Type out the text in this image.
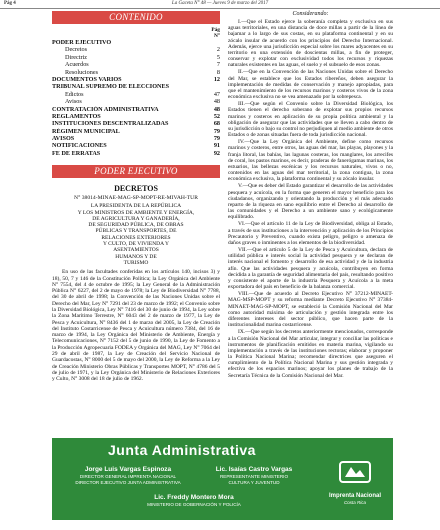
Pág 4	La Gaceta N° 48 — Jueves 9 de marzo del 2017
CONTENIDO
Pág
N°
PODER EJECUTIVO
Decretos	2
Directriz	5
Acuerdos	7
Resoluciones	8
DOCUMENTOS VARIOS	12
TRIBUNAL SUPREMO DE ELECCIONES
Edictos	47
Avisos	48
CONTRATACIÓN ADMINISTRATIVA	48
REGLAMENTOS	52
INSTITUCIONES DESCENTRALIZADAS	68
RÉGIMEN MUNICIPAL	79
AVISOS	79
NOTIFICACIONES	91
FE DE ERRATAS	92
PODER EJECUTIVO
DECRETOS
N° 38014-MINAE-MAG-SP-MOPT-RE-MIVAH-TUR
LA PRESIDENTA DE LA REPÚBLICA
Y LOS MINISTROS DE AMBIENTE Y ENERGÍA,
DE AGRICULTURA Y GANADERÍA,
DE SEGURIDAD PÚBLICA, DE OBRAS
PÚBLICAS Y TRANSPORTES, DE
RELACIONES EXTERIORES
Y CULTO, DE VIVIENDA Y
ASENTAMIENTOS
HUMANOS Y DE
TURISMO

En uso de las facultades conferidas en los artículos 140, incisos 3) y 18), 50, 7 y 146 de la Constitución Política; la Ley Orgánica del Ambiente N° 7554, del 4 de octubre de 1995; la Ley General de la Administración Pública N° 6227, del 2 de mayo de 1978; la Ley de Biodiversidad N° 7788, del 30 de abril de 1998; la Convención de las Naciones Unidas sobre el Derecho del Mar, Ley N° 7291 del 23 de marzo de 1992; el Convenio sobre la Diversidad Biológica, Ley N° 7416 del 30 de junio de 1994, la Ley sobre la Zona Marítimo Terrestre, N° 6043 del 2 de marzo de 1977, la Ley de Pesca y Acuicultura, N° 8436 del 1 de marzo del 2005, la Ley de Creación del Instituto Costarricense de Pesca y Acuicultura número 7384, del 16 de marzo de 1994, la Ley Orgánica del Ministerio de Ambiente, Energía y Telecomunicaciones, N° 7152 del 5 de junio de 1990, la Ley de Fomento a la Producción Agropecuaria FODEA y Orgánica del MAG, Ley N° 7064 del 29 de abril de 1987, la Ley de Creación del Servicio Nacional de Guardacostas, N° 8000 del 5 de mayo del 2000, la Ley de Reforma a la Ley de Creación Ministerio Obras Públicas y Transportes MOPT, N° 4786 del 5 de julio de 1971, y la Ley Orgánica del Ministerio de Relaciones Exteriores y Culto, N° 3008 del 18 de julio de 1962.

Considerando:

I.—Que el Estado ejerce la soberanía completa y exclusiva en sus aguas territoriales, en una distancia de doce millas a partir de la línea de bajamar a lo largo de sus costas, en su plataforma continental y en su zócalo insular de acuerdo con los principios del Derecho Internacional. Además, ejerce una jurisdicción especial sobre los mares adyacentes en su territorio en una extensión de doscientas millas, a fin de proteger, conservar y explotar con exclusividad todos los recursos y riquezas naturales existentes en las aguas, el suelo y el subsuelo de esos zonas.

II.—Que en la Convención de las Naciones Unidas sobre el Derecho del Mar, se establece que los Estados ribereños, deben asegurar la implementación de medidas de conservación y manejo apropiadas, para que el mantenimiento de los recursos marinos y costeros vivos de la zona económica exclusiva no se vea amenazado por la sobrepesca.

III.—Que según el Convenio sobre la Diversidad Biológica, los Estados tienen el derecho soberano de explotar sus propios recursos marinos y costeros en aplicación de su propia política ambiental y la obligación de asegurar que las actividades que se lleven a cabo dentro de su jurisdicción o bajo su control no perjudiquen al medio ambiente de otros Estados o de zonas situadas fuera de toda jurisdicción nacional.

IV.—Que la Ley Orgánica del Ambiente, define como recursos marinos y costeros, entre otros, las aguas del mar, las playas, playones y la franja litoral, las bahías, las lagunas costeras, los manglares, los arrecifes de coral, los pastos marinos, es decir, praderas de fanerógamas marinas, los estuarios, las bellezas escénicas y los recursos naturales, vivos o no, contenidos en las aguas del mar territorial, la zona contigua, la zona económica exclusiva, la plataforma continental y su zócalo insular.

V.—Que es deber del Estado garantizar el desarrollo de las actividades pesquera y acuícola, en la forma que generen el mayor beneficio para los ciudadanos, organizando y orientando la producción y el más adecuado reparto de la riqueza en sano equilibrio entre el Derecho al desarrollo de las comunidades y el Derecho a un ambiente sano y ecológicamente equilibrado.

VI.—Que el artículo 11 de la Ley de Biodiversidad, obliga al Estado, a través de sus instituciones a la intervención y aplicación de los Principios Precautorio y Preventivo, cuando exista peligro, peligro o amenaza de daños graves o inminentes a los elementos de la biodiversidad.

VII.—Que el artículo 5 de la Ley de Pesca y Acuicultura, declara de utilidad pública e interés social la actividad pesquera y se declaran de interés nacional el fomento y desarrollo de esa actividad y de la industria afín. Que las actividades pesquera y acuícola, contribuyen en forma decidida a la garantía de seguridad alimentaria del país, resultando positivo y consistente el aporte de la industria Pesquera y Acuícola a la meta exportadora del país en beneficio de la balanza comercial.

VIII.—Que de acuerdo al Decreto Ejecutivo N° 37212-MINAET-MAG-MSP-MOPT y su reforma mediante Decreto Ejecutivo N° 37384-MINAET-MAG-SP-MOPT, se estableció la Comisión Nacional del Mar como autoridad máxima de articulación y gestión integrada entre los diferentes intereses del sector público, que hacen parte de la institucionalidad marina costarricense.

IX.—Que según los decretos anteriormente mencionados, corresponde a la Comisión Nacional del Mar articular, integrar y conciliar las políticas e instrumentos de planificación emitidos en materia marina, vigilando su implementación a través de las instituciones rectoras; elaborar y proponer la Política Nacional Marina; recomendar directrices que aseguren el cumplimiento de la Política Nacional Marina y sus gestión integrada y efectiva de los espacios marinos; apoyar los planes de trabajo de la Secretaría Técnica de la Comisión Nacional del Mar.

Junta Administrativa
Jorge Luis Vargas Espinoza
DIRECTOR GENERAL IMPRENTA NACIONAL
DIRECTOR EJECUTIVO JUNTA ADMINISTRATIVA
Lic. Isaías Castro Vargas
REPRESENTANTE MINISTERIO
CULTURA Y JUVENTUD
Lic. Freddy Montero Mora
MINISTERIO DE GOBERNACIÓN Y POLICÍA
Imprenta Nacional
Costa Rica
